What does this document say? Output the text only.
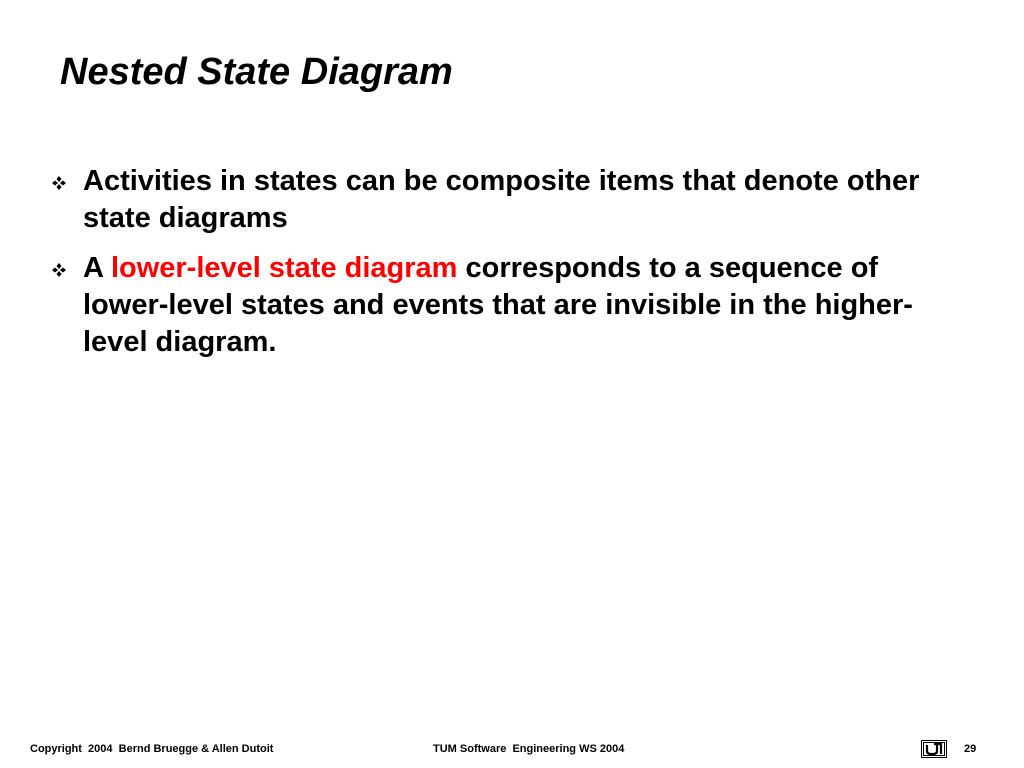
Nested State Diagram
Activities in states can be composite items that denote other state diagrams
A lower-level state diagram corresponds to a sequence of lower-level states and events that are invisible in the higher-level diagram.
Copyright  2004  Bernd Bruegge & Allen Dutoit	TUM Software  Engineering WS 2004	29
